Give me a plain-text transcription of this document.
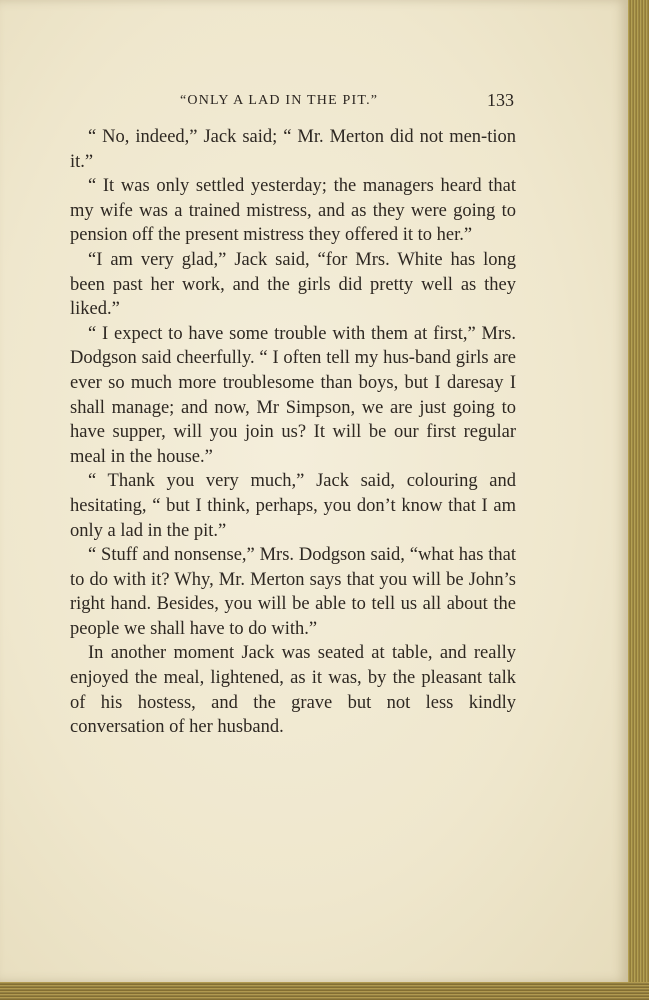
“ONLY A LAD IN THE PIT.”	133

“ No, indeed,” Jack said; “ Mr. Merton did not men-tion it.”

“ It was only settled yesterday; the managers heard that my wife was a trained mistress, and as they were going to pension off the present mistress they offered it to her.”

“I am very glad,” Jack said, “for Mrs. White has long been past her work, and the girls did pretty well as they liked.”

“ I expect to have some trouble with them at first,” Mrs. Dodgson said cheerfully. “ I often tell my hus-band girls are ever so much more troublesome than boys, but I daresay I shall manage; and now, Mr Simpson, we are just going to have supper, will you join us? It will be our first regular meal in the house.”

“ Thank you very much,” Jack said, colouring and hesitating, “ but I think, perhaps, you don’t know that I am only a lad in the pit.”

“ Stuff and nonsense,” Mrs. Dodgson said, “what has that to do with it? Why, Mr. Merton says that you will be John’s right hand. Besides, you will be able to tell us all about the people we shall have to do with.”

In another moment Jack was seated at table, and really enjoyed the meal, lightened, as it was, by the pleasant talk of his hostess, and the grave but not less kindly conversation of her husband.
